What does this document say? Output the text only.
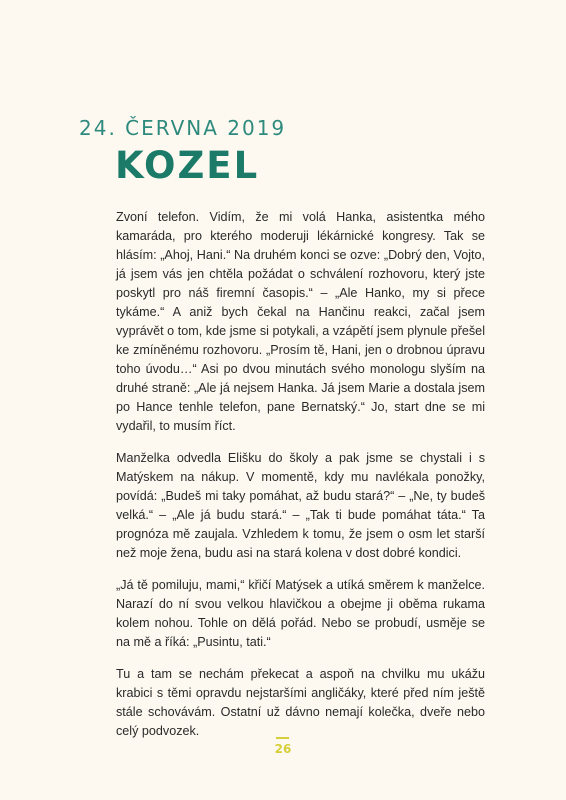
24. ČERVNA 2019
KOZEL

Zvoní telefon. Vidím, že mi volá Hanka, asistentka mého kamaráda, pro kterého moderuji lékárnické kongresy. Tak se hlásím: „Ahoj, Hani.“ Na druhém konci se ozve: „Dobrý den, Vojto, já jsem vás jen chtěla požádat o schválení rozhovoru, který jste poskytl pro náš firemní časopis.“ – „Ale Hanko, my si přece tykáme.“ A aniž bych čekal na Hančinu reakci, začal jsem vyprávět o tom, kde jsme si potykali, a vzápětí jsem plynule přešel ke zmíněnému rozhovoru. „Prosím tě, Hani, jen o drobnou úpravu toho úvodu…“ Asi po dvou minutách svého monologu slyším na druhé straně: „Ale já nejsem Hanka. Já jsem Marie a dostala jsem po Hance tenhle telefon, pane Bernatský.“ Jo, start dne se mi vydařil, to musím říct.

Manželka odvedla Elišku do školy a pak jsme se chystali i s Matýskem na nákup. V momentě, kdy mu navlékala ponožky, povídá: „Budeš mi taky pomáhat, až budu stará?“ – „Ne, ty budeš velká.“ – „Ale já budu stará.“ – „Tak ti bude pomáhat táta.“ Ta prognóza mě zaujala. Vzhledem k tomu, že jsem o osm let starší než moje žena, budu asi na stará kolena v dost dobré kondici.

„Já tě pomiluju, mami,“ křičí Matýsek a utíká směrem k manželce. Narazí do ní svou velkou hlavičkou a obejme ji oběma rukama kolem nohou. Tohle on dělá pořád. Nebo se probudí, usměje se na mě a říká: „Pusintu, tati.“

Tu a tam se nechám překecat a aspoň na chvilku mu ukážu krabici s těmi opravdu nejstaršími angličáky, které před ním ještě stále schovávám. Ostatní už dávno nemají kolečka, dveře nebo celý podvozek.

26
